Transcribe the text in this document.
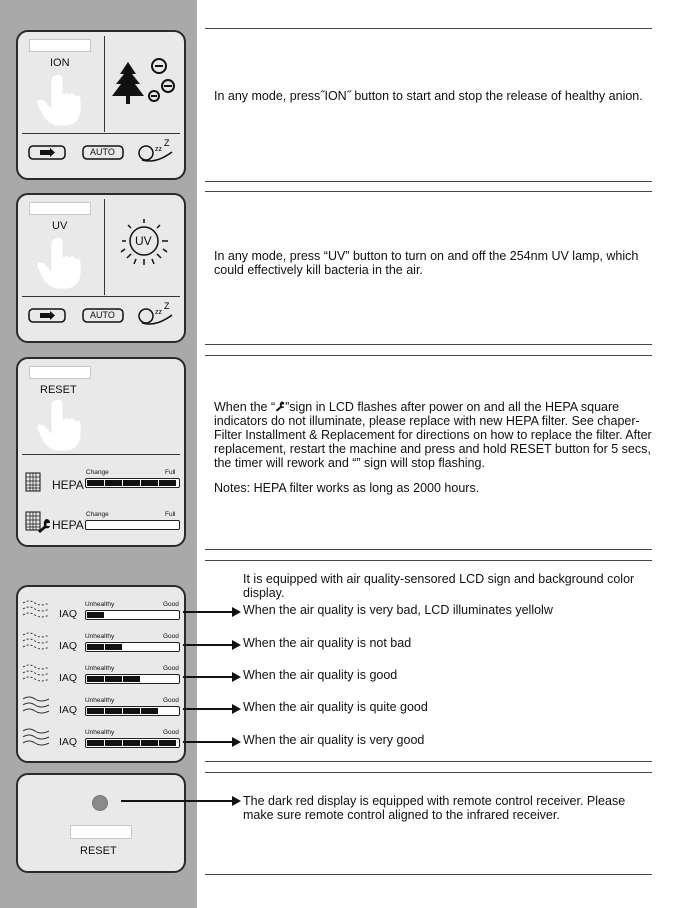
ION
AUTO	zz
Z
In any mode, press˝ION˝ button to start and stop the release of healthy anion.
UV
UV
AUTO	zz
Z
In any mode, press “UV” button to turn on and off the 254nm UV lamp, which could effectively kill bacteria in the air.
RESET
HEPA
Change	Full
HEPA
Change	Full
When the “ ”sign in LCD flashes after power on and all the HEPA square indicators do not illuminate, please replace with new HEPA filter. See chaper-Filter Installment & Replacement for directions on how to replace the filter. After replacement, restart the machine and press and hold RESET button for 5 secs, the timer will rework and “” sign will stop flashing.
Notes: HEPA filter works as long as 2000 hours.
IAQ
Unhealthy	Good
IAQ
Unhealthy	Good
IAQ
Unhealthy	Good
IAQ
Unhealthy	Good
IAQ
Unhealthy	Good
It is equipped with air quality-sensored LCD sign and background color display.
When the air quality is very bad, LCD illuminates yellolw
When the air quality is not bad
When the air quality is good
When the air quality is quite good
When the air quality is very good
RESET
The dark red display is equipped with remote control receiver. Please make sure remote control aligned to the infrared receiver.
